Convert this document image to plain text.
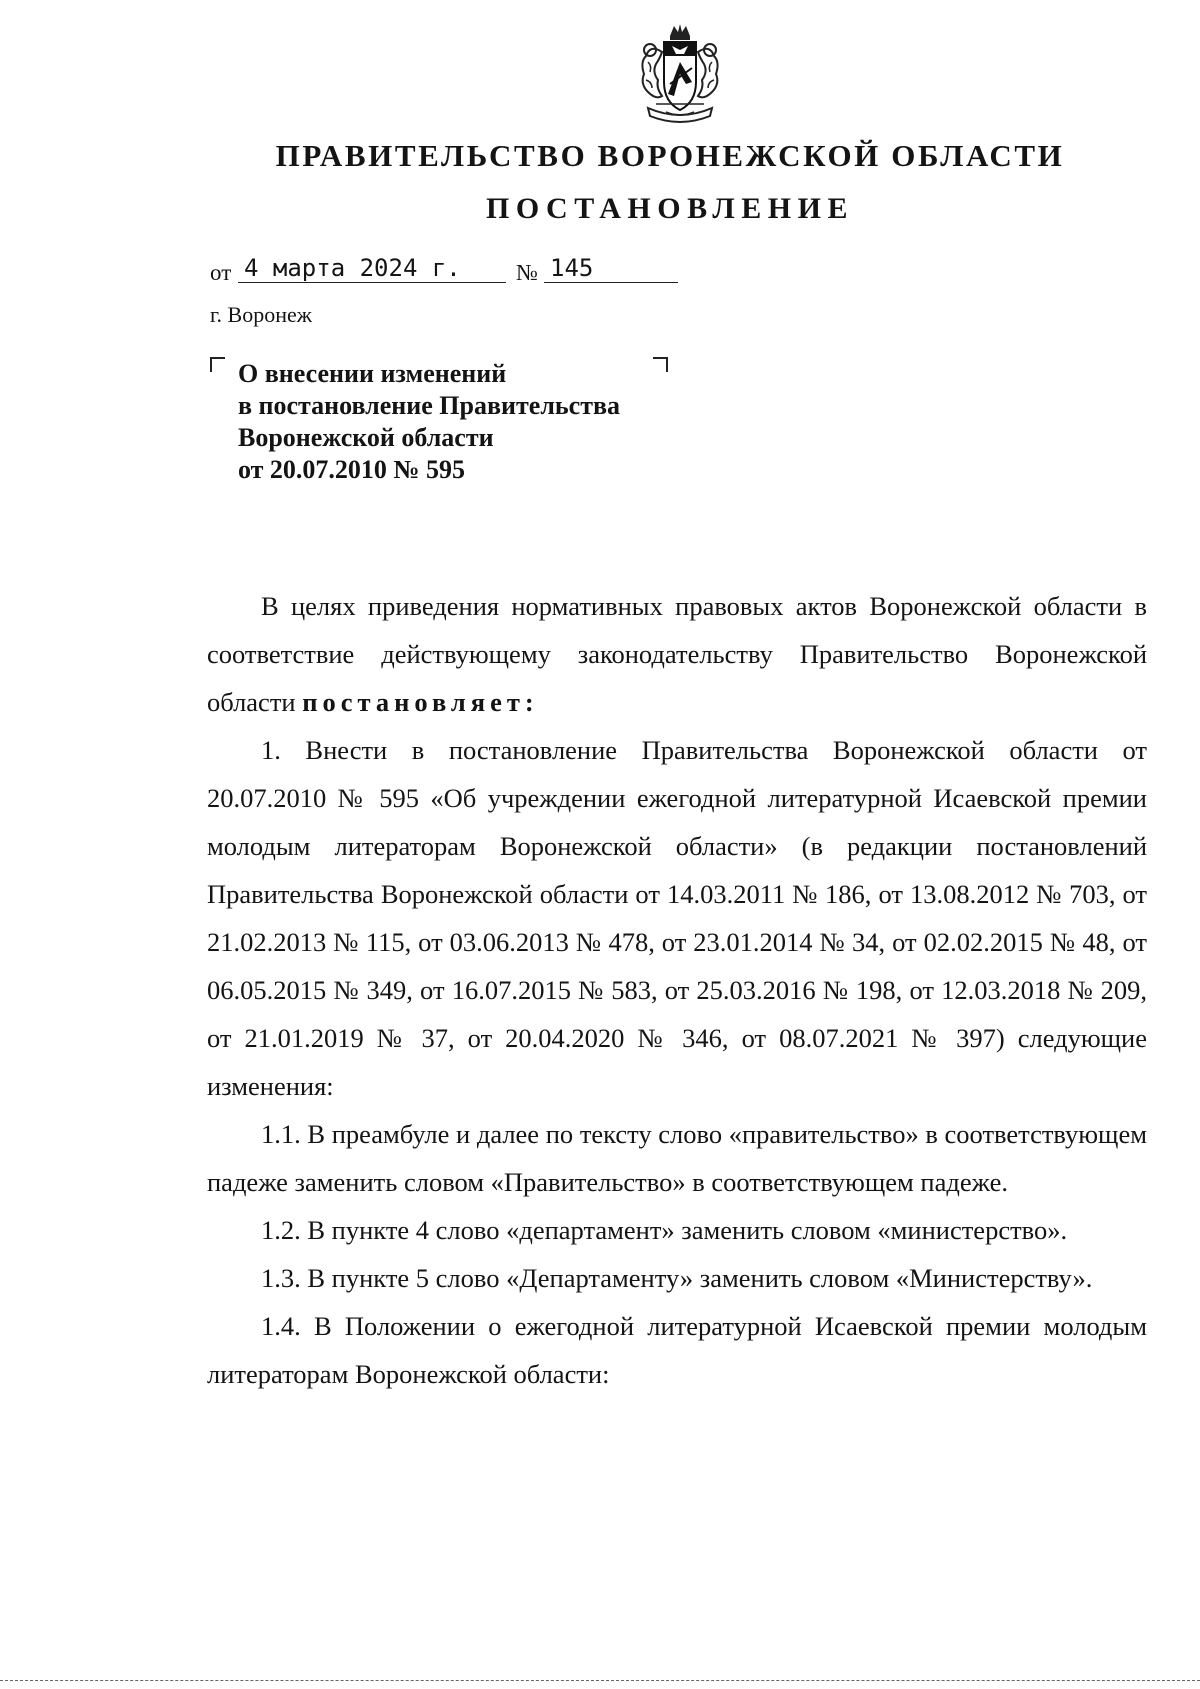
ПРАВИТЕЛЬСТВО ВОРОНЕЖСКОЙ ОБЛАСТИ
ПОСТАНОВЛЕНИЕ
от 4 марта 2024 г.	№ 145
г. Воронеж
О внесении изменений
в постановление Правительства
Воронежской области
от 20.07.2010 № 595

В целях приведения нормативных правовых актов Воронежской области в соответствие действующему законодательству Правительство Воронежской области постановляет:

1. Внести в постановление Правительства Воронежской области от 20.07.2010 № 595 «Об учреждении ежегодной литературной Исаевской премии молодым литераторам Воронежской области» (в редакции постановлений Правительства Воронежской области от 14.03.2011 № 186, от 13.08.2012 № 703, от 21.02.2013 № 115, от 03.06.2013 № 478, от 23.01.2014 № 34, от 02.02.2015 № 48, от 06.05.2015 № 349, от 16.07.2015 № 583, от 25.03.2016 № 198, от 12.03.2018 № 209, от 21.01.2019 № 37, от 20.04.2020 № 346, от 08.07.2021 № 397) следующие изменения:

1.1. В преамбуле и далее по тексту слово «правительство» в соответствующем падеже заменить словом «Правительство» в соответствующем падеже.

1.2. В пункте 4 слово «департамент» заменить словом «министерство».

1.3. В пункте 5 слово «Департаменту» заменить словом «Министерству».

1.4. В Положении о ежегодной литературной Исаевской премии молодым литераторам Воронежской области:
